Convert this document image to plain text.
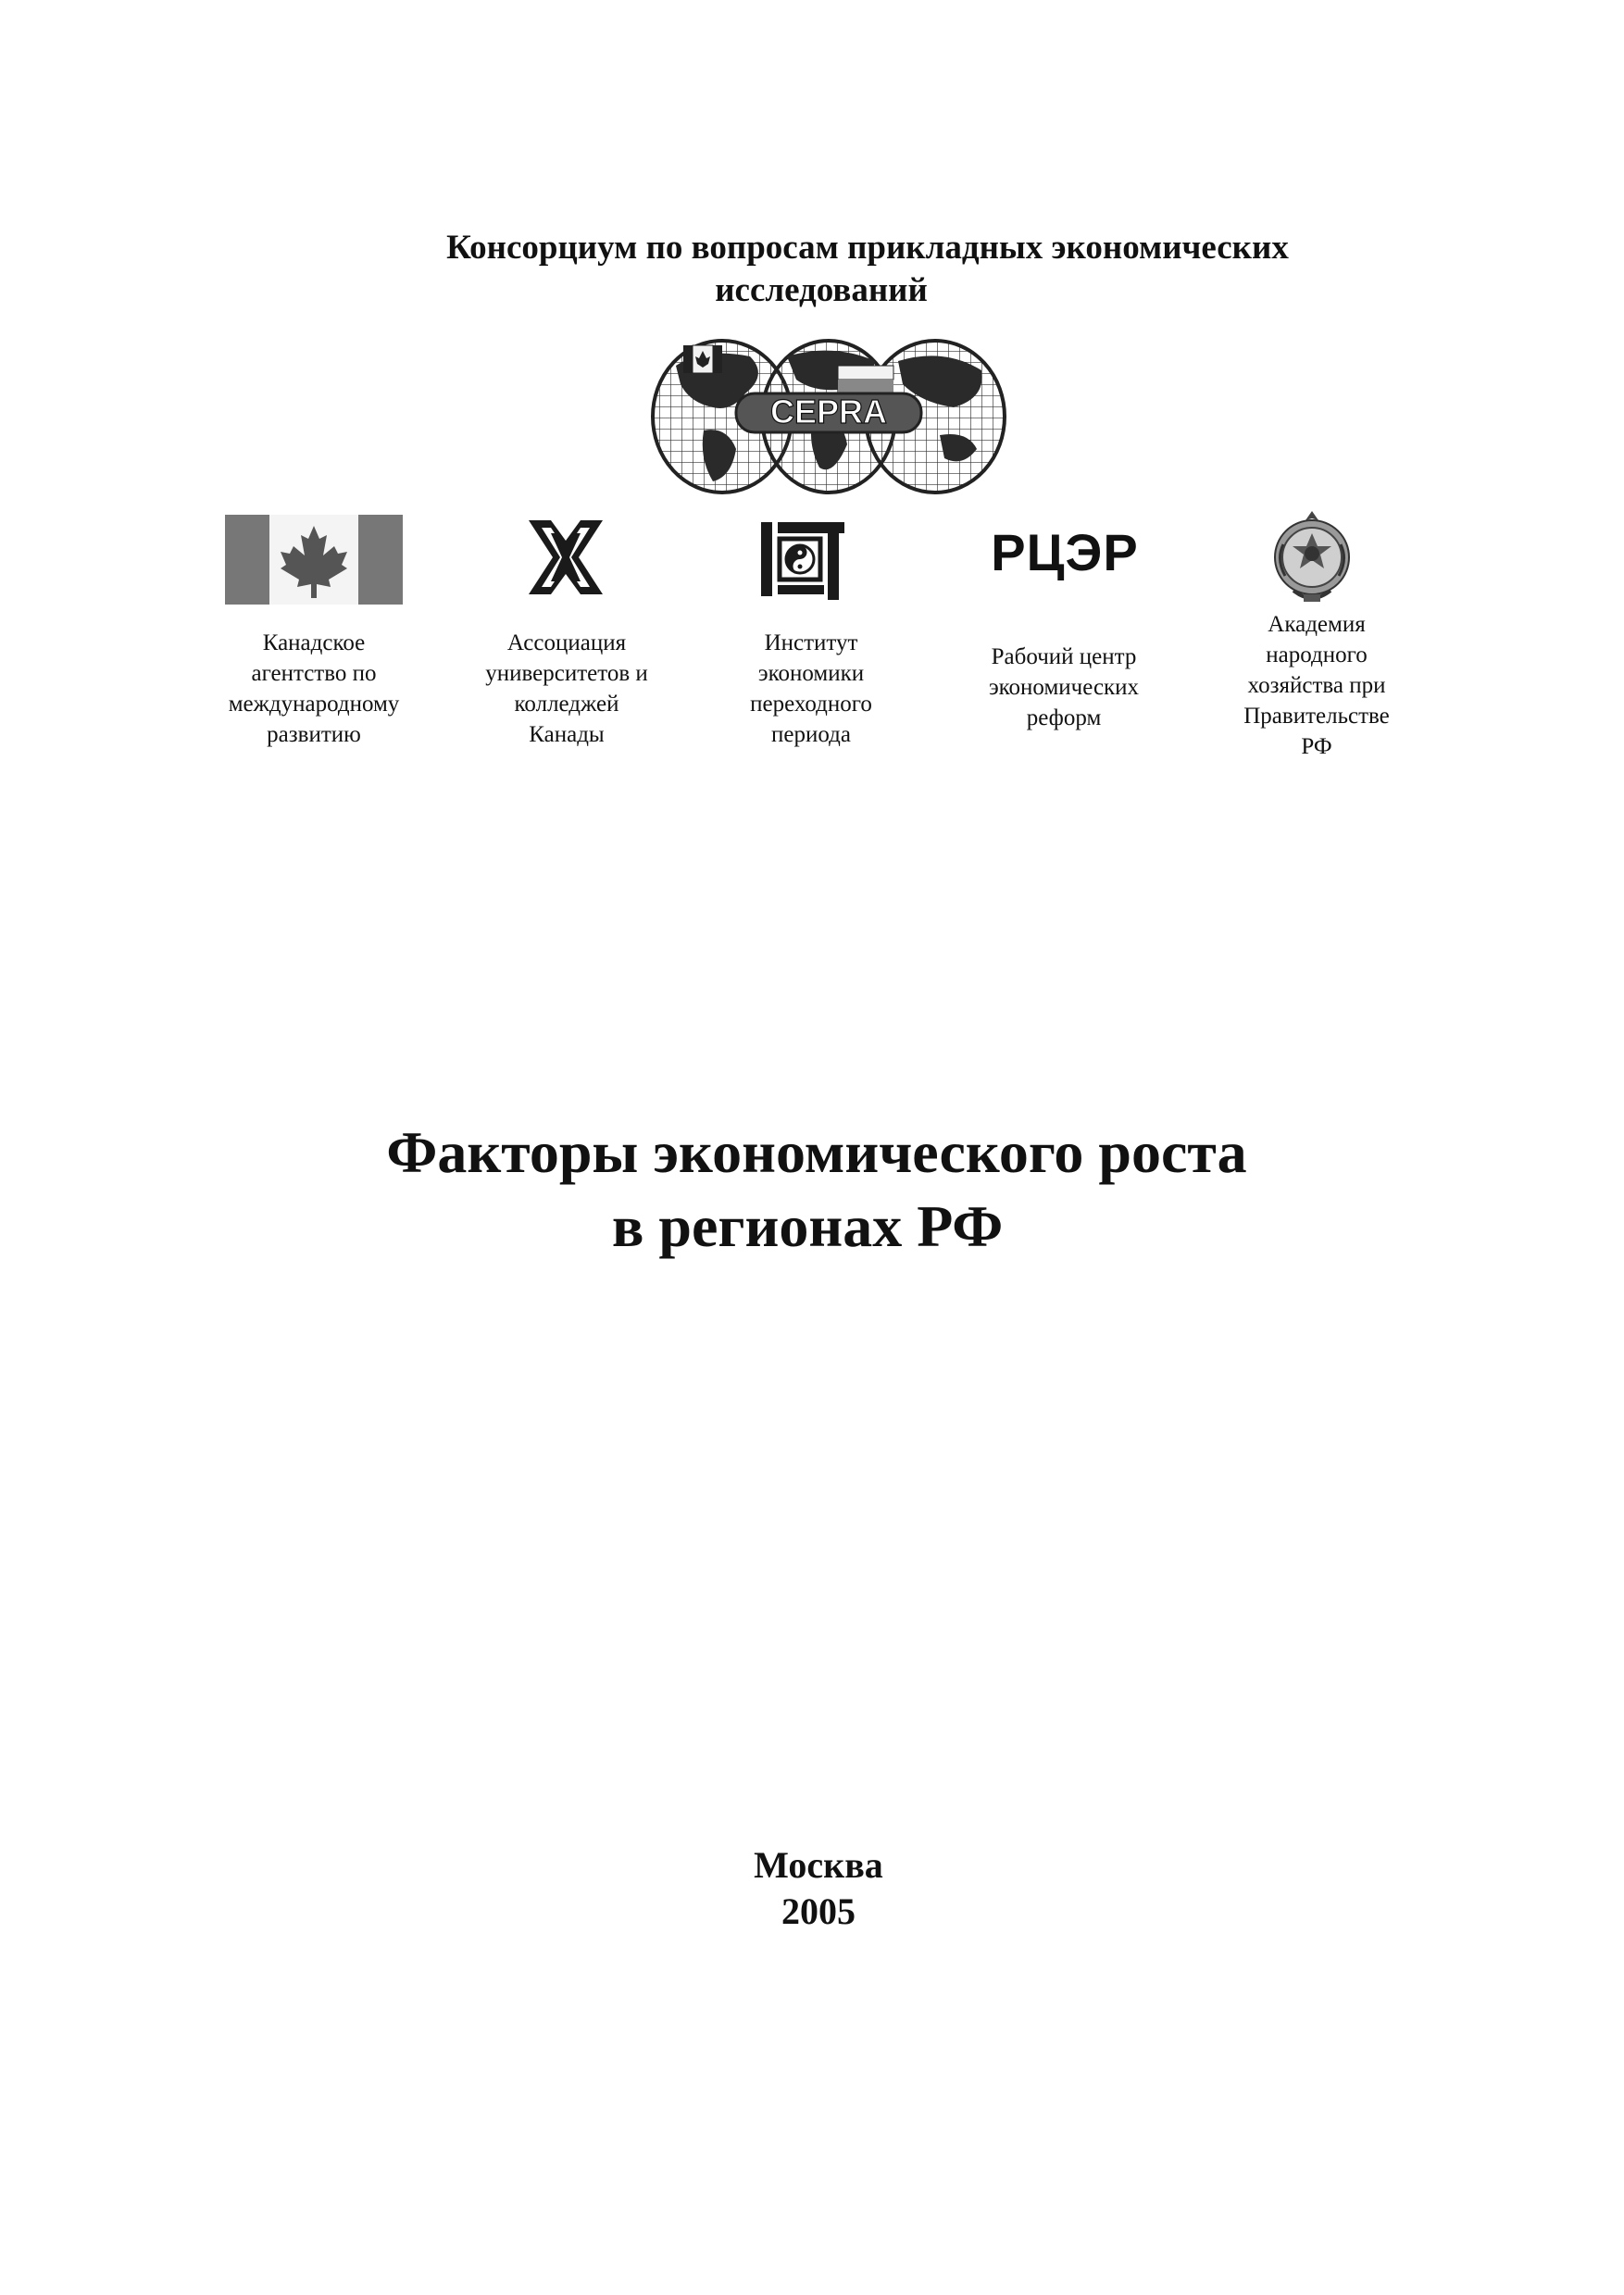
Консорциум по вопросам прикладных экономических
исследований
CEPRA
Канадское
агентство по
международному
развитию
Ассоциация
университетов и
колледжей
Канады
Институт
экономики
переходного
периода
РЦЭР
Рабочий центр
экономических
реформ
Академия
народного
хозяйства при
Правительстве
РФ
Факторы экономического роста
в регионах РФ
Москва
2005
